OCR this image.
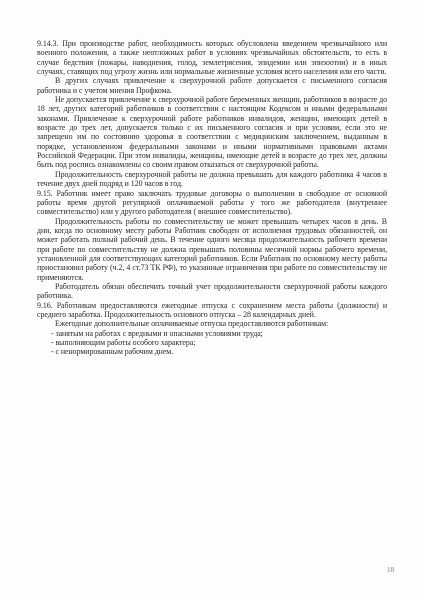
9.14.3. При производстве работ, необходимость которых обусловлена введением чрезвычайного или военного положения, а также неотложных работ в условиях чрезвычайных обстоятельств, то есть в случае бедствия (пожары, наводнения, голод, землетрясения, эпидемии или эпизоотии) и в иных случаях, ставящих под угрозу жизнь или нормальные жизненные условия всего населения или его части.

В других случаях привлечение к сверхурочной работе допускается с письменного согласия работника и с учетом мнения Профкома.

Не допускается привлечение к сверхурочной работе беременных женщин, работников в возрасте до 18 лет, других категорий работников в соответствии с настоящим Кодексом и иными федеральными законами. Привлечение к сверхурочной работе работников инвалидов, женщин, имеющих детей в возрасте до трех лет, допускается только с их письменного согласия и при условии, если это не запрещено им по состоянию здоровья в соответствии с медицинским заключением, выданным в порядке, установленном федеральными законами и иными нормативными правовыми актами Российской Федерации. При этом инвалиды, женщины, имеющие детей в возрасте до трех лет, должны быть под роспись ознакомлены со своим правом отказаться от сверхурочной работы.

Продолжительность сверхурочной работы не должна превышать для каждого работника 4 часов в течение двух дней подряд и 120 часов в год.

9.15. Работник имеет право заключать трудовые договоры о выполнении в свободное от основной работы время другой регулярной оплачиваемой работы у того же работодателя (внутреннее совместительство) или у другого работодателя ( внешнее совместительство).

Продолжительность работы по совместительству не может превышать четырех часов в день. В дни, когда по основному месту работы Работник свободен от исполнения трудовых обязанностей, он может работать полный рабочий день. В течение одного месяца продолжительность рабочего времени при работе по совместительству не должна превышать половины месячной нормы рабочего времени, установленной для соответствующих категорий работников. Если Работник по основному месту работы приостановил работу (ч.2, 4 ст.73 ТК РФ), то указанные ограничения при работе по совместительству не применяются.

Работодатель обязан обеспечить точный учет продолжительности сверхурочной работы каждого работника.

9.16. Работникам предоставляются ежегодные отпуска с сохранением места работы (должности) и среднего заработка. Продолжительность основного отпуска – 28 календарных дней.

Ежегодные дополнительные оплачиваемые отпуска предоставляются работникам:

- занятым на работах с вредными и опасными условиями труда;

- выполняющим работы особого характера;

- с ненормированным рабочим днем.

18
